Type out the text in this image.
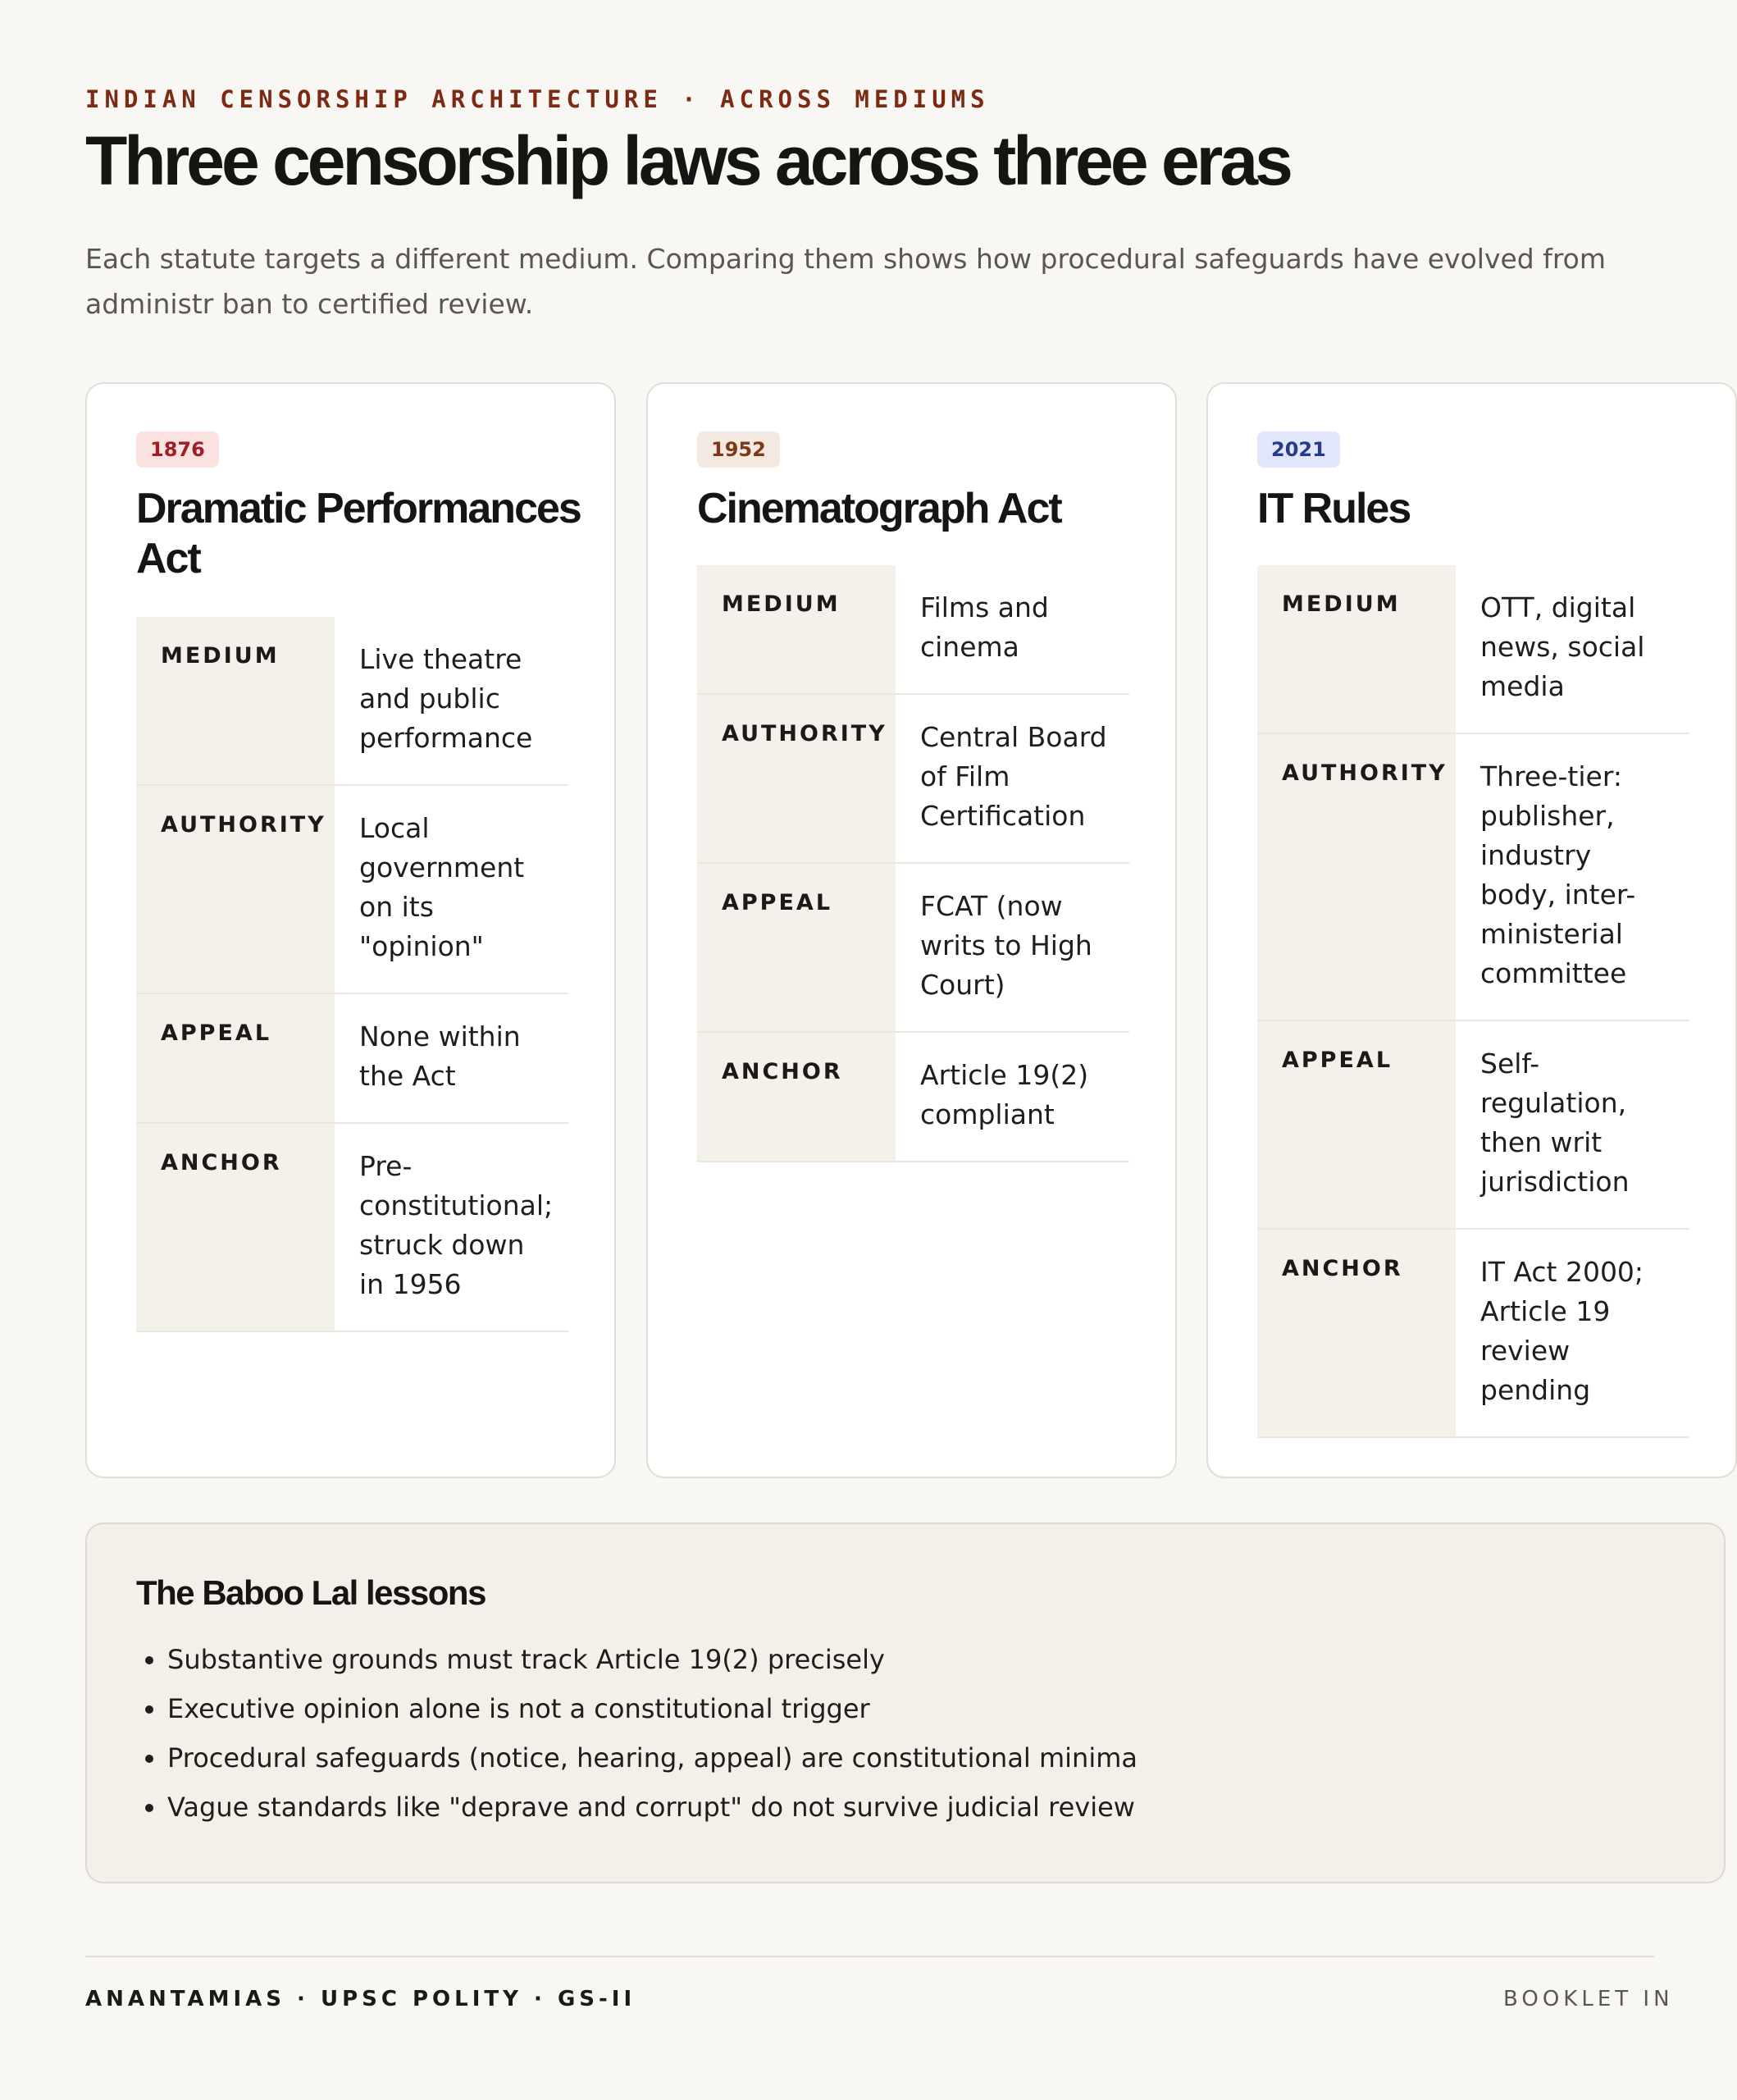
INDIAN CENSORSHIP ARCHITECTURE · ACROSS MEDIUMS
Three censorship laws across three eras

Each statute targets a different medium. Comparing them shows how procedural safeguards have evolved from administr ban to certified review.

1876
Dramatic Performances Act
MEDIUM	Live theatre and public performance
AUTHORITY	Local government on its "opinion"
APPEAL	None within the Act
ANCHOR	Pre-constitutional; struck down in 1956
1952
Cinematograph Act
MEDIUM	Films and cinema
AUTHORITY	Central Board of Film Certification
APPEAL	FCAT (now writs to High Court)
ANCHOR	Article 19(2) compliant
2021
IT Rules
MEDIUM	OTT, digital news, social media
AUTHORITY	Three-tier: publisher, industry body, inter-ministerial committee
APPEAL	Self-regulation, then writ jurisdiction
ANCHOR	IT Act 2000; Article 19 review pending
The Baboo Lal lessons
• Substantive grounds must track Article 19(2) precisely
• Executive opinion alone is not a constitutional trigger
• Procedural safeguards (notice, hearing, appeal) are constitutional minima
• Vague standards like "deprave and corrupt" do not survive judicial review
ANANTAMIAS · UPSC POLITY · GS-II	BOOKLET IN
